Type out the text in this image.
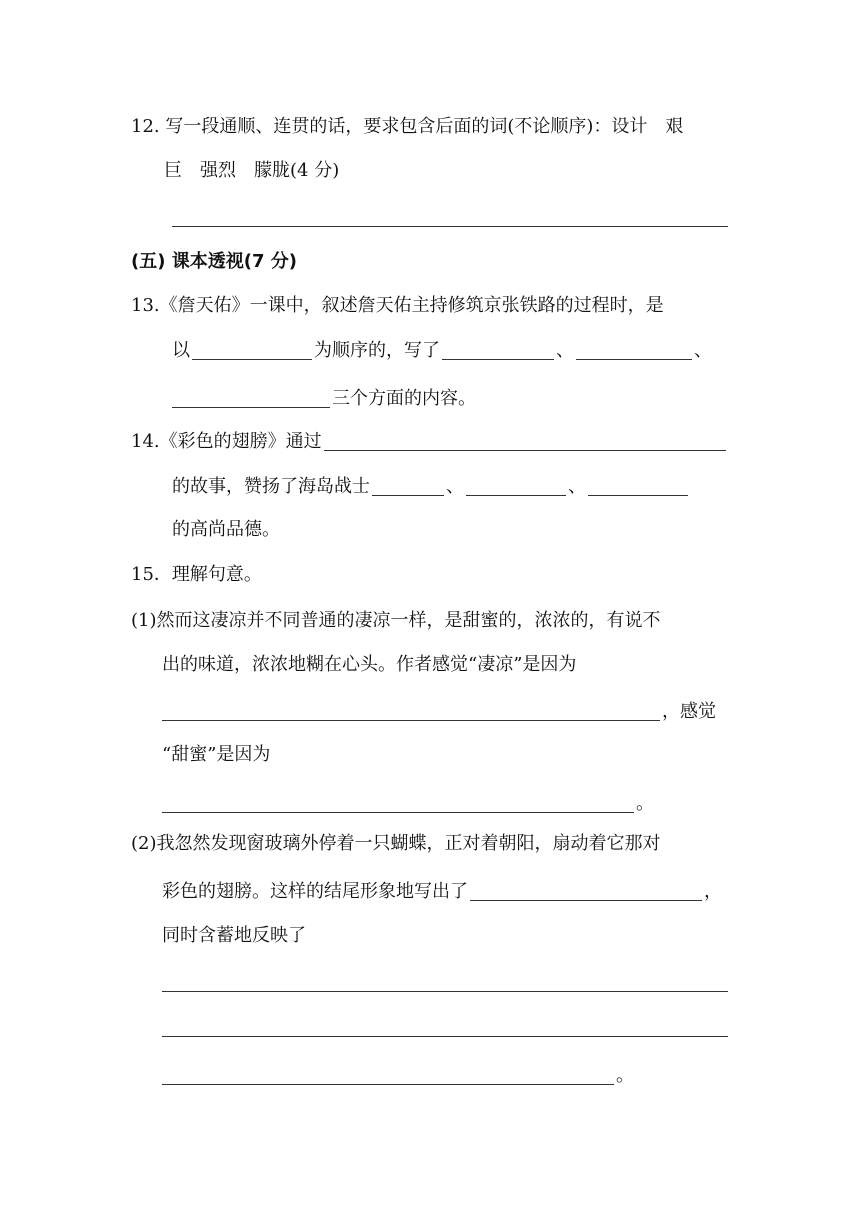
12. 写一段通顺、连贯的话，要求包含后面的词(不论顺序)：设计　艰
巨　强烈　朦胧(4 分)
(五) 课本透视(7 分)
13.《詹天佑》一课中，叙述詹天佑主持修筑京张铁路的过程时，是
以	为顺序的，写了	、	、
三个方面的内容。
14.《彩色的翅膀》通过
的故事，赞扬了海岛战士	、	、
的高尚品德。
15．理解句意。
(1)然而这凄凉并不同普通的凄凉一样，是甜蜜的，浓浓的，有说不
出的味道，浓浓地糊在心头。作者感觉“凄凉”是因为
，感觉
“甜蜜”是因为
。
(2)我忽然发现窗玻璃外停着一只蝴蝶，正对着朝阳，扇动着它那对
彩色的翅膀。这样的结尾形象地写出了	，
同时含蓄地反映了
。
